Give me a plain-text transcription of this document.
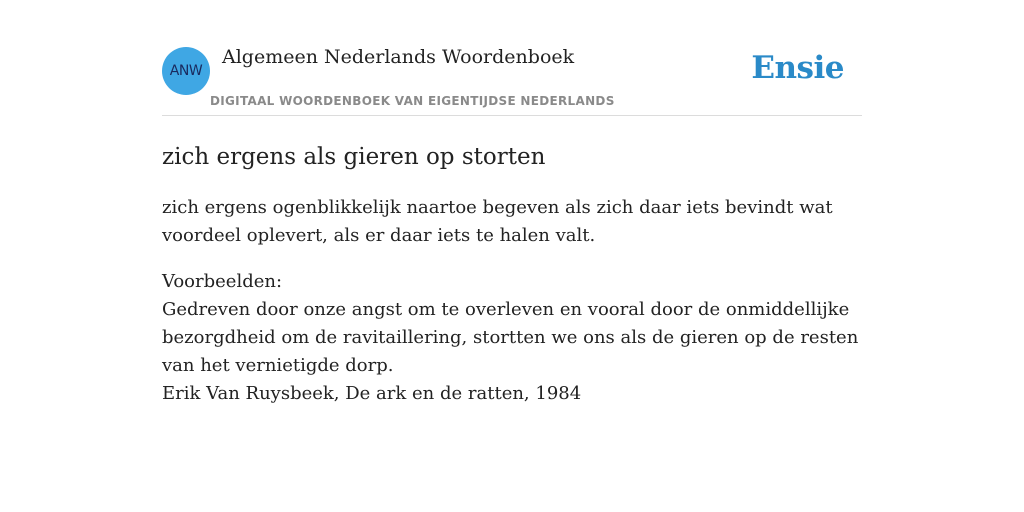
ANW
Algemeen Nederlands Woordenboek
DIGITAAL WOORDENBOEK VAN EIGENTIJDSE NEDERLANDS
Ensie
zich ergens als gieren op storten

zich ergens ogenblikkelijk naartoe begeven als zich daar iets bevindt wat voordeel oplevert, als er daar iets te halen valt.

Voorbeelden:

Gedreven door onze angst om te overleven en vooral door de onmiddellijke bezorgdheid om de ravitaillering, stortten we ons als de gieren op de resten van het vernietigde dorp.

Erik Van Ruysbeek, De ark en de ratten, 1984
